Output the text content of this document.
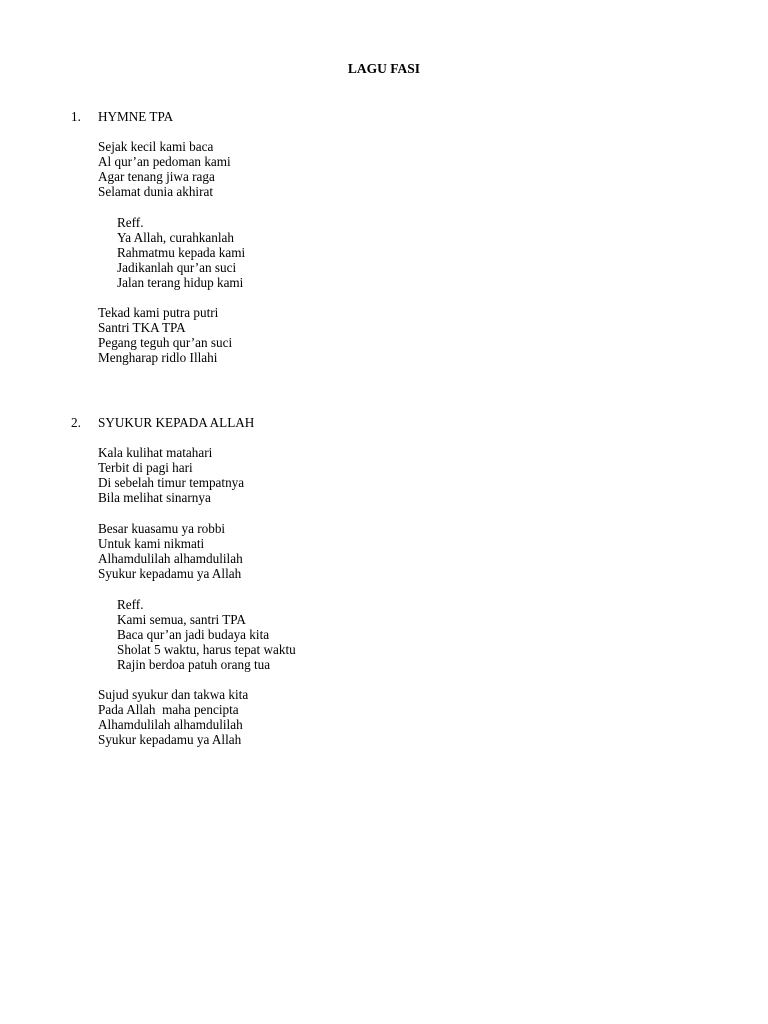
LAGU FASI
1. HYMNE TPA
Sejak kecil kami baca
Al qur’an pedoman kami
Agar tenang jiwa raga
Selamat dunia akhirat
Reff.
Ya Allah, curahkanlah
Rahmatmu kepada kami
Jadikanlah qur’an suci
Jalan terang hidup kami
Tekad kami putra putri
Santri TKA TPA
Pegang teguh qur’an suci
Mengharap ridlo Illahi
2. SYUKUR KEPADA ALLAH
Kala kulihat matahari
Terbit di pagi hari
Di sebelah timur tempatnya
Bila melihat sinarnya
Besar kuasamu ya robbi
Untuk kami nikmati
Alhamdulilah alhamdulilah
Syukur kepadamu ya Allah
Reff.
Kami semua, santri TPA
Baca qur’an jadi budaya kita
Sholat 5 waktu, harus tepat waktu
Rajin berdoa patuh orang tua
Sujud syukur dan takwa kita
Pada Allah  maha pencipta
Alhamdulilah alhamdulilah
Syukur kepadamu ya Allah
